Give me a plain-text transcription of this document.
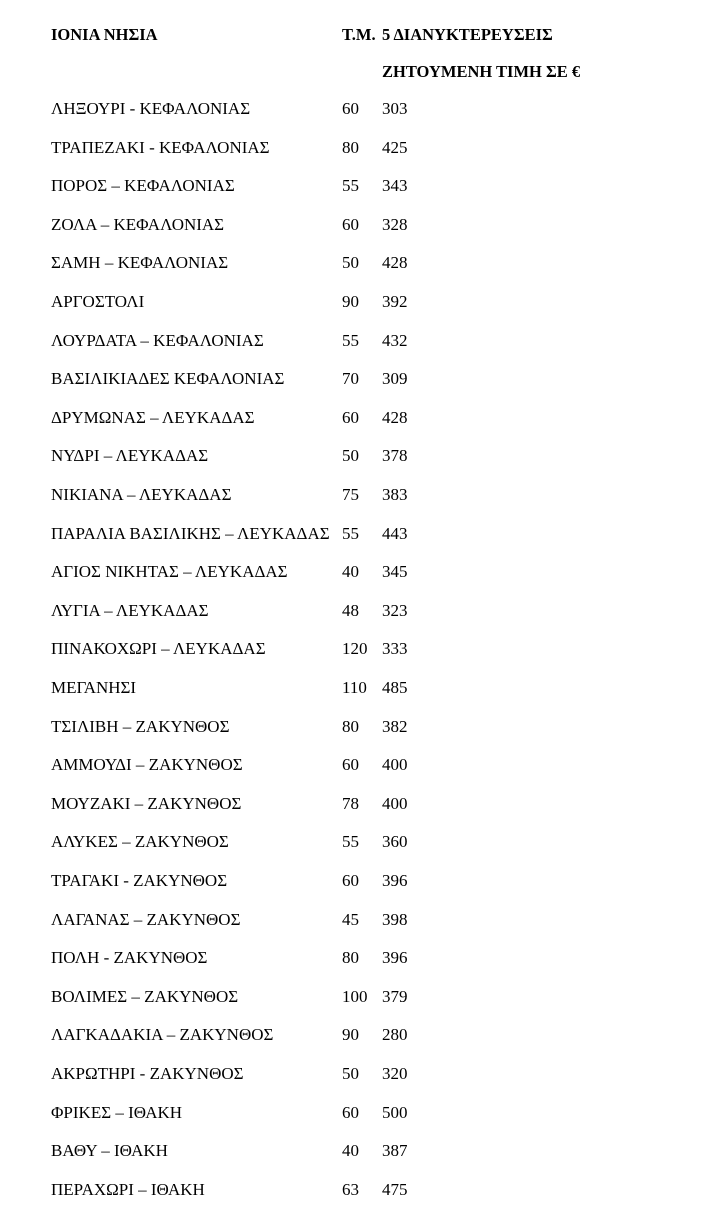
ΙΟΝΙΑ ΝΗΣΙΑ	Τ.Μ. 5 ΔΙΑΝΥΚΤΕΡΕΥΣΕΙΣ
ΖΗΤΟΥΜΕΝΗ ΤΙΜΗ ΣΕ €
ΛΗΞΟΥΡΙ - ΚΕΦΑΛΟΝΙΑΣ	60 303
ΤΡΑΠΕΖΑΚΙ - ΚΕΦΑΛΟΝΙΑΣ	80 425
ΠΟΡΟΣ – ΚΕΦΑΛΟΝΙΑΣ	55 343
ΖΟΛΑ – ΚΕΦΑΛΟΝΙΑΣ	60 328
ΣΑΜΗ – ΚΕΦΑΛΟΝΙΑΣ	50 428
ΑΡΓΟΣΤΟΛΙ	90 392
ΛΟΥΡΔΑΤΑ – ΚΕΦΑΛΟΝΙΑΣ	55 432
ΒΑΣΙΛΙΚΙΑΔΕΣ ΚΕΦΑΛΟΝΙΑΣ	70 309
ΔΡΥΜΩΝΑΣ – ΛΕΥΚΑΔΑΣ	60 428
ΝΥΔΡΙ – ΛΕΥΚΑΔΑΣ	50 378
ΝΙΚΙΑΝΑ – ΛΕΥΚΑΔΑΣ	75 383
ΠΑΡΑΛΙΑ ΒΑΣΙΛΙΚΗΣ – ΛΕΥΚΑΔΑΣ 55 443
ΑΓΙΟΣ ΝΙΚΗΤΑΣ – ΛΕΥΚΑΔΑΣ	40 345
ΛΥΓΙΑ – ΛΕΥΚΑΔΑΣ	48 323
ΠΙΝΑΚΟΧΩΡΙ – ΛΕΥΚΑΔΑΣ	120 333
ΜΕΓΑΝΗΣΙ	110 485
ΤΣΙΛΙΒΗ – ΖΑΚΥΝΘΟΣ	80 382
ΑΜΜΟΥΔΙ – ΖΑΚΥΝΘΟΣ	60 400
ΜΟΥΖΑΚΙ – ΖΑΚΥΝΘΟΣ	78 400
ΑΛΥΚΕΣ – ΖΑΚΥΝΘΟΣ	55 360
ΤΡΑΓΑΚΙ - ΖΑΚΥΝΘΟΣ	60 396
ΛΑΓΑΝΑΣ – ΖΑΚΥΝΘΟΣ	45 398
ΠΟΛΗ - ΖΑΚΥΝΘΟΣ	80 396
ΒΟΛΙΜΕΣ – ΖΑΚΥΝΘΟΣ	100 379
ΛΑΓΚΑΔΑΚΙΑ – ΖΑΚΥΝΘΟΣ	90 280
ΑΚΡΩΤΗΡΙ - ΖΑΚΥΝΘΟΣ	50 320
ΦΡΙΚΕΣ – ΙΘΑΚΗ	60 500
ΒΑΘΥ – ΙΘΑΚΗ	40 387
ΠΕΡΑΧΩΡΙ – ΙΘΑΚΗ	63 475
